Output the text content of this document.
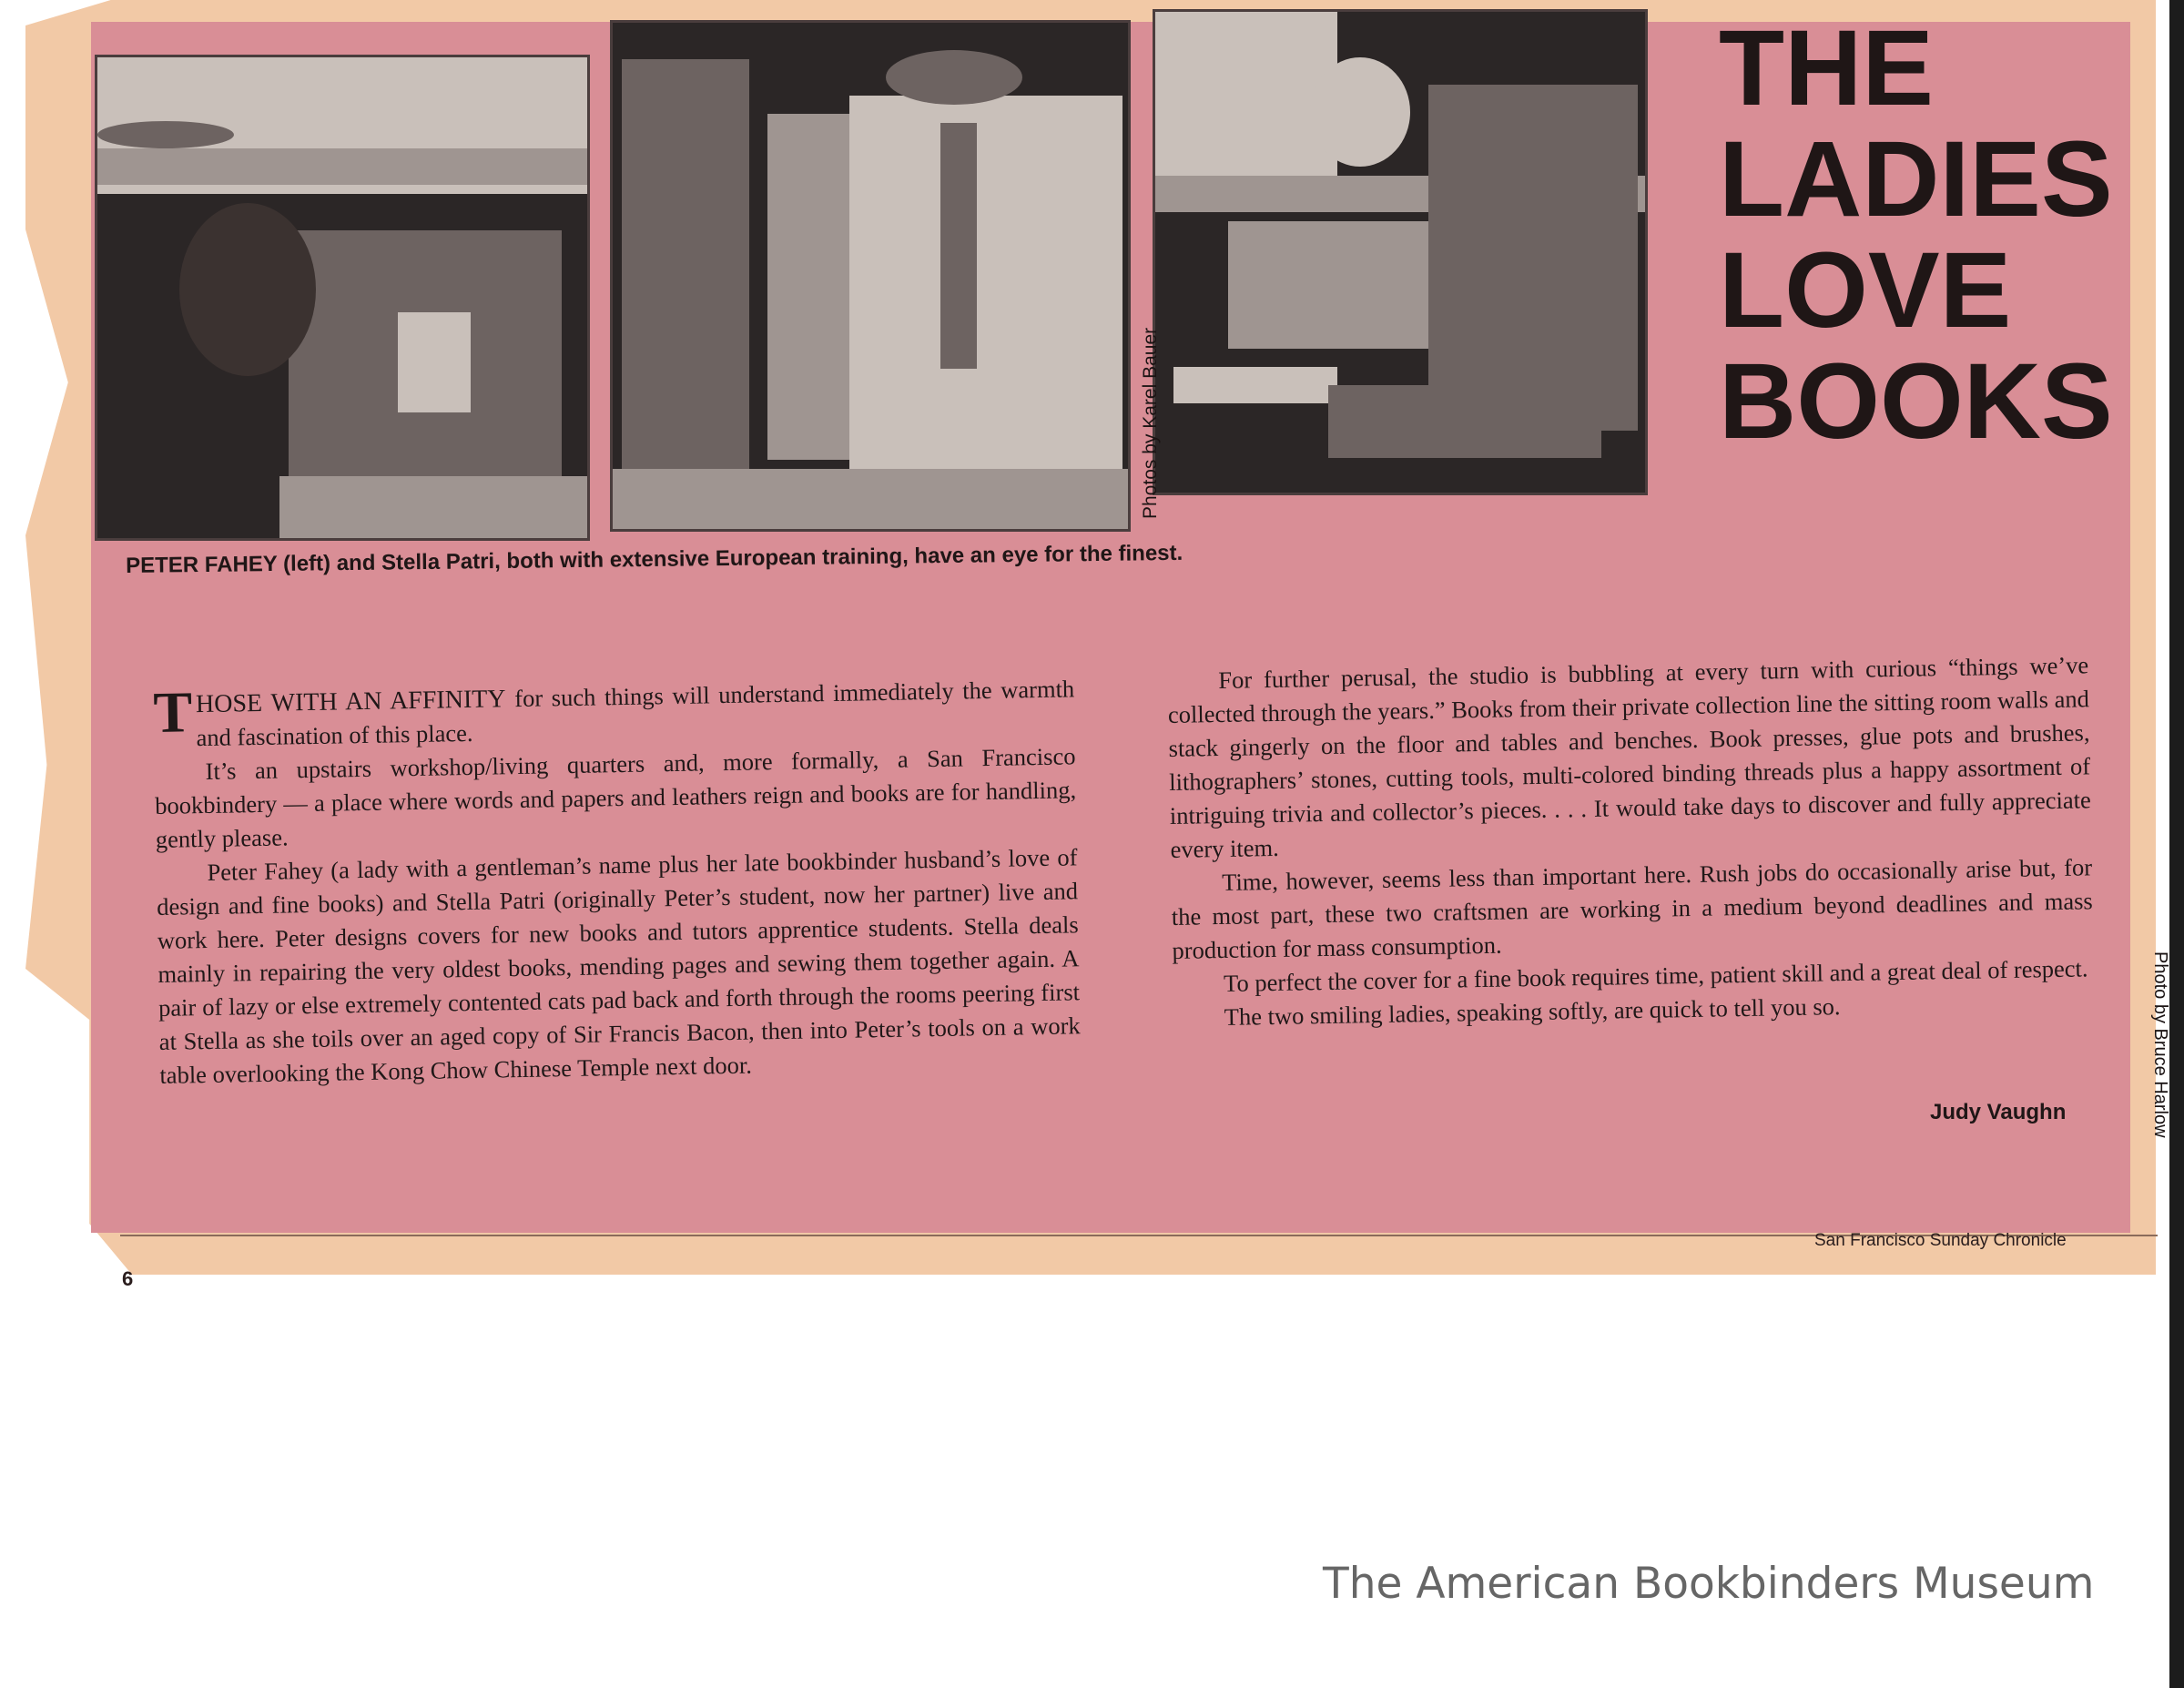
Photos by Karel Bauer
THE
LADIES
LOVE
BOOKS
PETER FAHEY (left) and Stella Patri, both with extensive European training, have an eye for the finest.

THOSE WITH AN AFFINITY for such things will understand immediately the warmth and fascination of this place.

It’s an upstairs workshop/living quarters and, more formally, a San Francisco bookbindery — a place where words and papers and leathers reign and books are for handling, gently please.

Peter Fahey (a lady with a gentleman’s name plus her late bookbinder husband’s love of design and fine books) and Stella Patri (originally Peter’s student, now her partner) live and work here. Peter designs covers for new books and tutors apprentice students. Stella deals mainly in repairing the very oldest books, mending pages and sewing them together again. A pair of lazy or else extremely contented cats pad back and forth through the rooms peering first at Stella as she toils over an aged copy of Sir Francis Bacon, then into Peter’s tools on a work table overlooking the Kong Chow Chinese Temple next door.

For further perusal, the studio is bubbling at every turn with curious “things we’ve collected through the years.” Books from their private collection line the sitting room walls and stack gingerly on the floor and tables and benches. Book presses, glue pots and brushes, lithographers’ stones, cutting tools, multi-colored binding threads plus a happy assortment of intriguing trivia and collector’s pieces. . . . It would take days to discover and fully appreciate every item.

Time, however, seems less than important here. Rush jobs do occasionally arise but, for the most part, these two craftsmen are working in a medium beyond deadlines and mass production for mass consumption.

To perfect the cover for a fine book requires time, patient skill and a great deal of respect.

The two smiling ladies, speaking softly, are quick to tell you so.

Judy Vaughn	Photo by Bruce Harlow
San Francisco Sunday Chronicle
6
The American Bookbinders Museum
